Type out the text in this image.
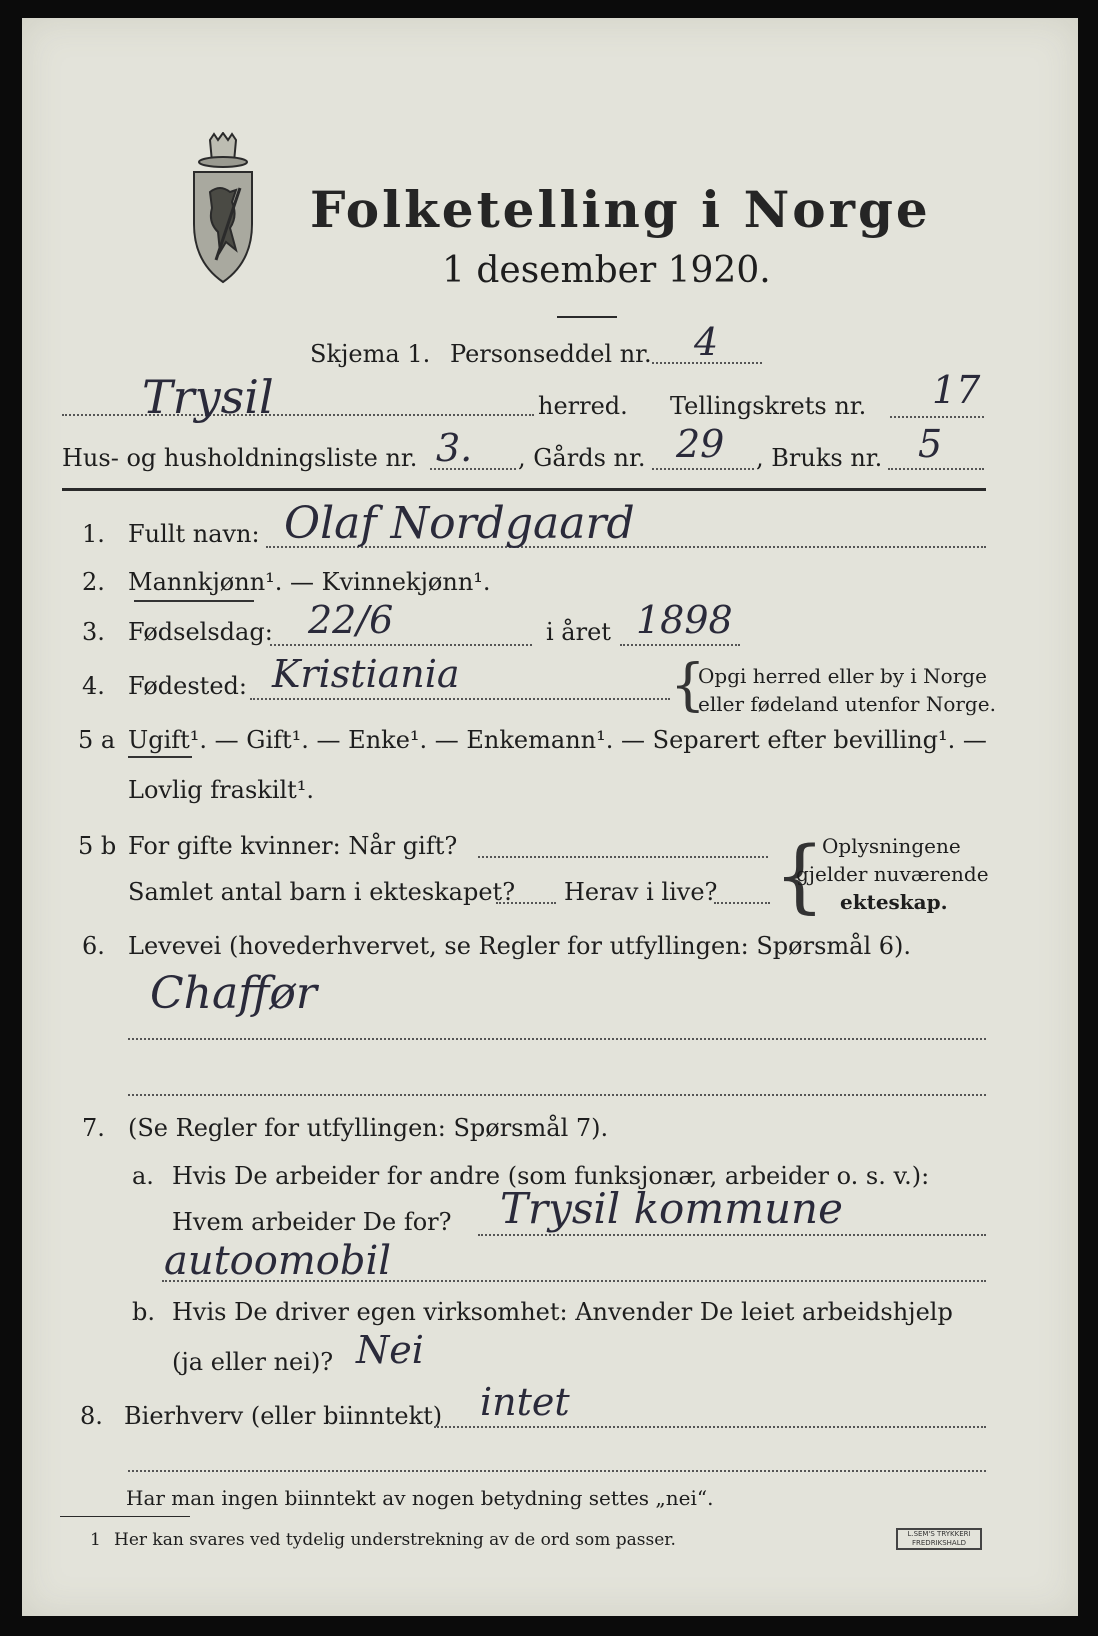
Folketelling i Norge
1 desember 1920.
Skjema 1. Personseddel nr. 4
Trysil	herred. Tellingskrets nr. 17
Hus- og husholdningsliste nr. 3. , Gårds nr. 29 , Bruks nr. 5
1. Fullt navn: Olaf Nordgaard
2. Mannkjønn¹. — Kvinnekjønn¹.
3. Fødselsdag: 22/6	i året 1898
4. Fødested: Kristiania	{
Opgi herred eller by i Norge
eller fødeland utenfor Norge.
5 a Ugift¹. — Gift¹. — Enke¹. — Enkemann¹. — Separert efter bevilling¹. —
Lovlig fraskilt¹.
5 b For gifte kvinner: Når gift?
Samlet antal barn i ekteskapet? Herav i live? {
Oplysningene
gjelder nuværende
ekteskap.
6. Levevei (hovederhvervet, se Regler for utfyllingen: Spørsmål 6).
Chaffør
7. (Se Regler for utfyllingen: Spørsmål 7).
a. Hvis De arbeider for andre (som funksjonær, arbeider o. s. v.):
Hvem arbeider De for? Trysil kommune
autoomobil
b. Hvis De driver egen virksomhet: Anvender De leiet arbeidshjelp
(ja eller nei)? Nei
8. Bierhverv (eller biinntekt) intet
Har man ingen biinntekt av nogen betydning settes „nei“.
1 Her kan svares ved tydelig understrekning av de ord som passer.	L.SEM'S TRYKKERI FREDRIKSHALD
